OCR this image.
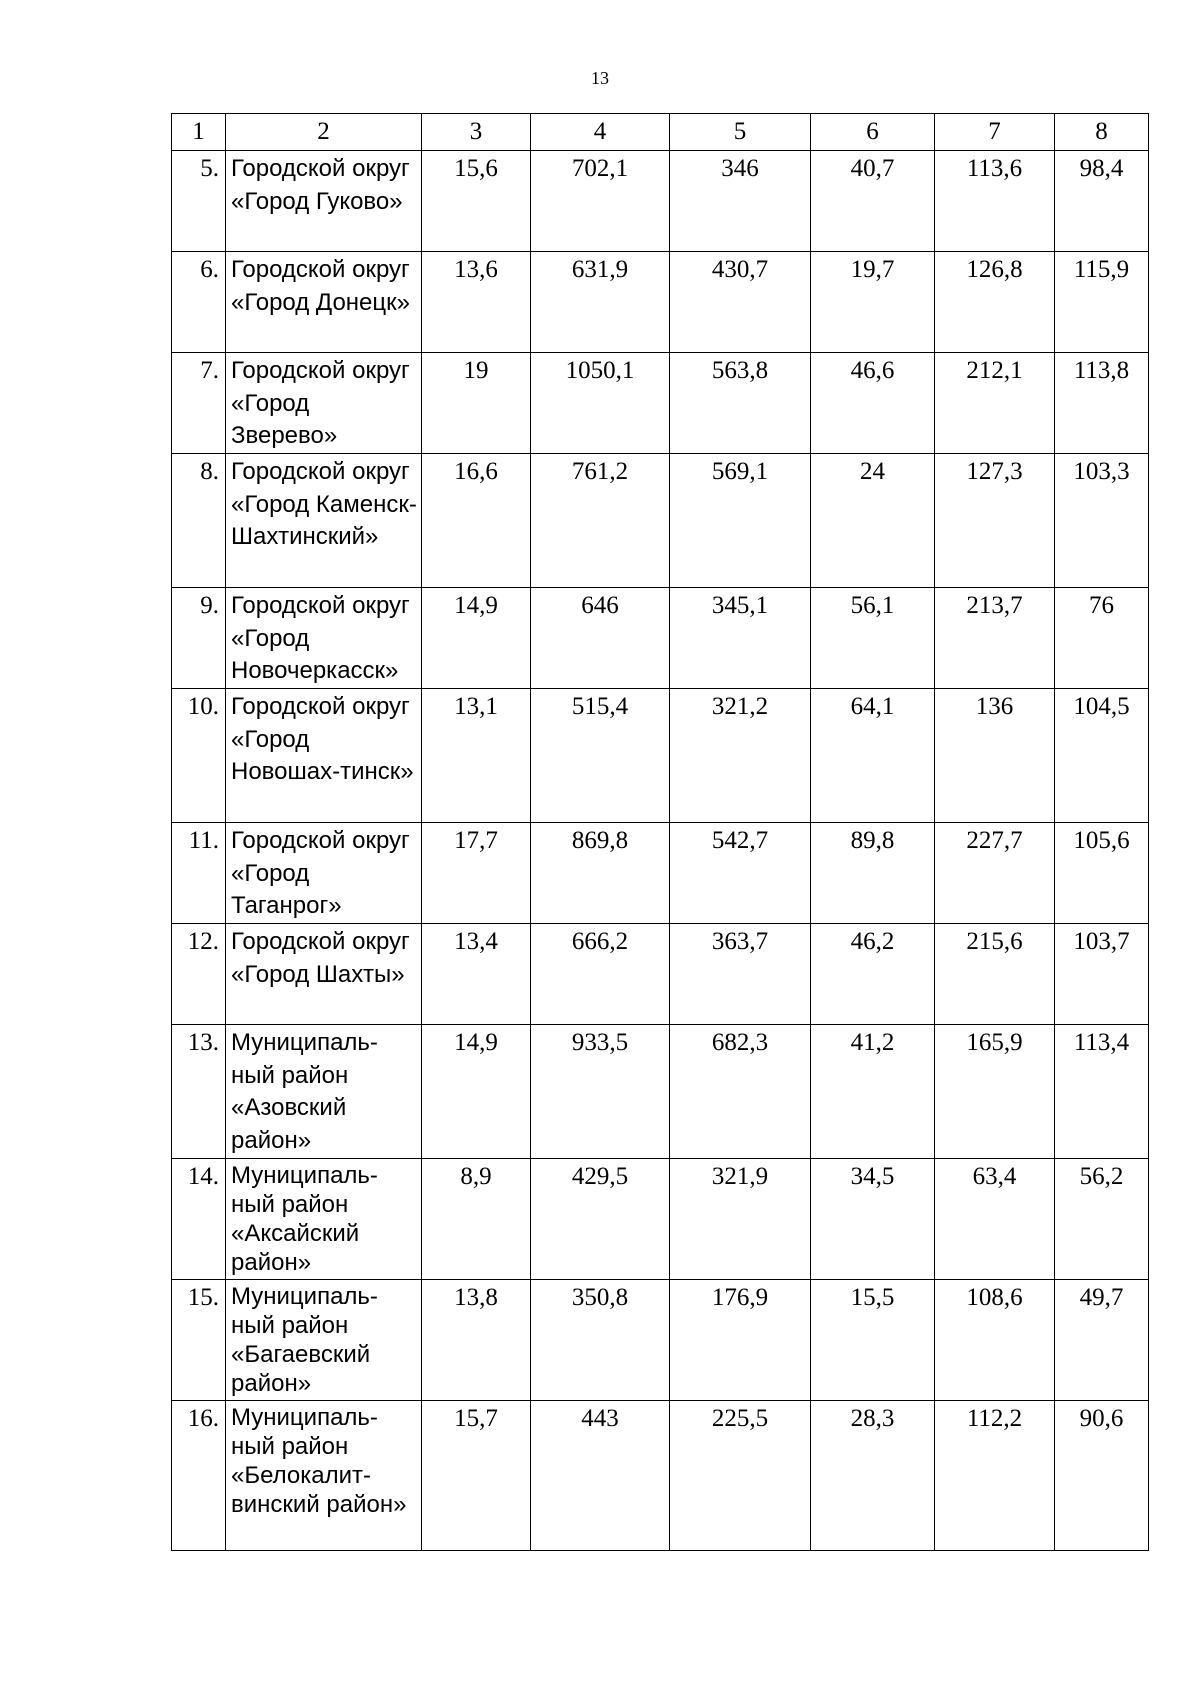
13
1	2	3	4	5	6	7	8
5.	Городской округ «Город Гуково»	15,6	702,1	346	40,7	113,6	98,4
6.	Городской округ «Город Донецк»	13,6	631,9	430,7	19,7	126,8	115,9
7.	Городской округ «Город Зверево»	19	1050,1	563,8	46,6	212,1	113,8
8.	Городской округ «Город Каменск-Шахтинский»	16,6	761,2	569,1	24	127,3	103,3
9.	Городской округ «Город Новочеркасск»	14,9	646	345,1	56,1	213,7	76
10.	Городской округ «Город Новошах-тинск»	13,1	515,4	321,2	64,1	136	104,5
11.	Городской округ «Город Таганрог»	17,7	869,8	542,7	89,8	227,7	105,6
12.	Городской округ «Город Шахты»	13,4	666,2	363,7	46,2	215,6	103,7
13.	Муниципаль-ный район «Азовский район»	14,9	933,5	682,3	41,2	165,9	113,4
14.	Муниципаль-ный район «Аксайский район»	8,9	429,5	321,9	34,5	63,4	56,2
15.	Муниципаль-ный район «Багаевский район»	13,8	350,8	176,9	15,5	108,6	49,7
16.	Муниципаль-ный район «Белокалит-винский район»	15,7	443	225,5	28,3	112,2	90,6
